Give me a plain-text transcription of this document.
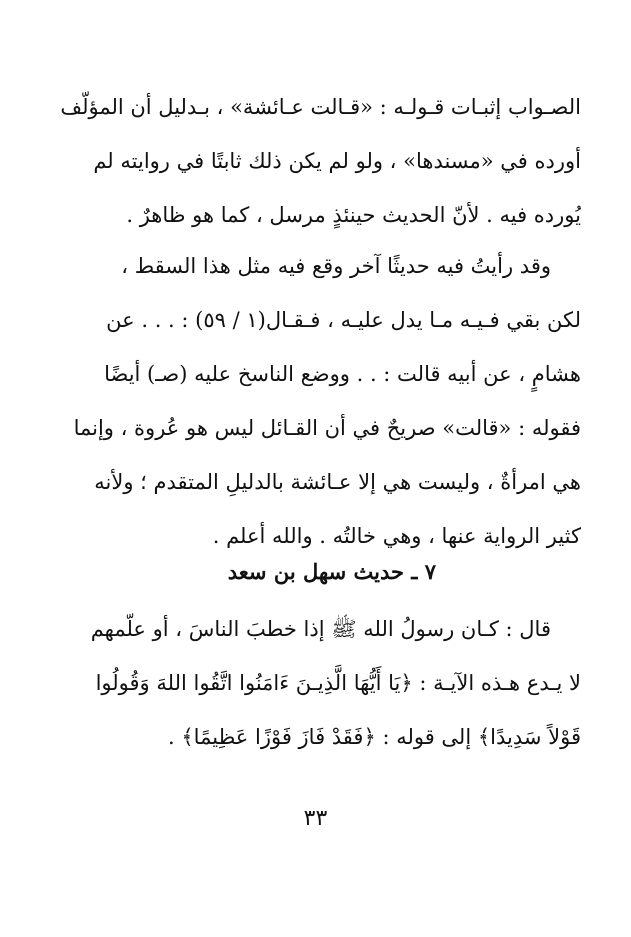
الصـواب إثبـات قـولـه : «قـالت عـائشة» ، بـدليل أن المؤلّف
أورده في «مسندها» ، ولو لم يكن ذلك ثابتًا في روايته لم
يُورده فيه . لأنّ الحديث حينئذٍ مرسل ، كما هو ظاهرٌ .
وقد رأيتُ فيه حديثًا آخر وقع فيه مثل هذا السقط ،
لكن بقي فـيـه مـا يدل عليـه ، فـقـال(١ / ٥٩) : . . . عن
هشامٍ ، عن أبيه قالت : . . ووضع الناسخ عليه (صـ) أيضًا
فقوله : «قالت» صريحٌ في أن القـائل ليس هو عُروة ، وإنما
هي امرأةٌ ، وليست هي إلا عـائشة بالدليلِ المتقدم ؛ ولأنه
كثير الرواية عنها ، وهي خالتُه . والله أعلم .
٧ ـ حديث سهل بن سعد
قال : كـان رسولُ الله ﷺ إذا خطبَ الناسَ ، أو علّمهم
لا يـدع هـذه الآيـة : ﴿يَا أَيُّهَا الَّذِيـنَ ءَامَنُوا اتَّقُوا اللهَ وَقُولُوا
قَوْلاً سَدِيدًا﴾ إلى قوله : ﴿فَقَدْ فَازَ فَوْزًا عَظِيمًا﴾ .
٣٣
